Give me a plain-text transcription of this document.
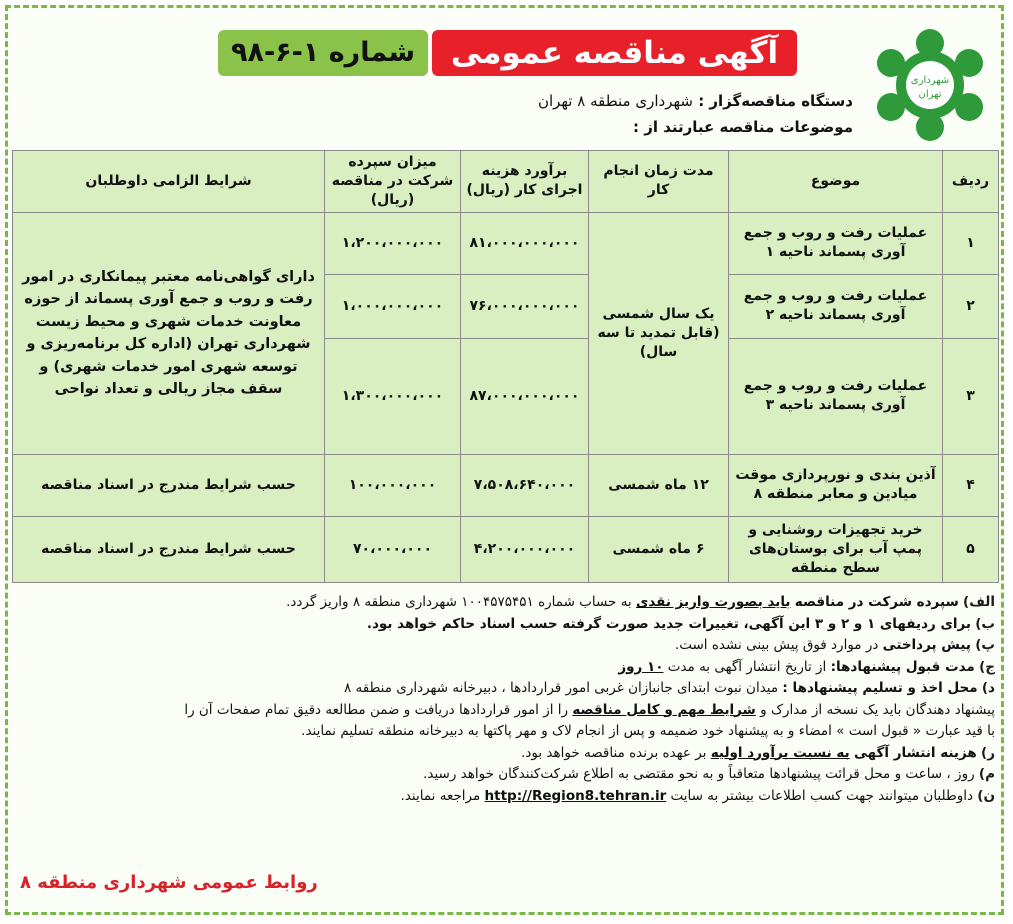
شهرداری
تهران
آگهی مناقصه عمومی
شماره ۱-۶-۹۸
دستگاه مناقصه‌گزار : شهرداری منطقه ۸ تهران
موضوعات مناقصه عبارتند از :
ردیف	موضوع	مدت زمان انجام کار	برآورد هزینه اجرای کار (ریال)	میزان سپرده شرکت در مناقصه (ریال)	شرایط الزامی داوطلبان
۱	عملیات رفت و روب و جمع آوری پسماند ناحیه ۱	یک سال شمسی (قابل تمدید تا سه سال)	۸۱،۰۰۰،۰۰۰،۰۰۰	۱،۲۰۰،۰۰۰،۰۰۰	دارای گواهی‌نامه معتبر پیمانکاری در امور رفت و روب و جمع آوری پسماند از حوزه معاونت خدمات شهری و محیط زیست شهرداری تهران (اداره کل برنامه‌ریزی و توسعه شهری امور خدمات شهری) و سقف مجاز ریالی و تعداد نواحی
۲	عملیات رفت و روب و جمع آوری پسماند ناحیه ۲		۷۶،۰۰۰،۰۰۰،۰۰۰	۱،۰۰۰،۰۰۰،۰۰۰	
۳	عملیات رفت و روب و جمع آوری پسماند ناحیه ۳		۸۷،۰۰۰،۰۰۰،۰۰۰	۱،۳۰۰،۰۰۰،۰۰۰	
۴	آذین بندی و نورپردازی موقت میادین و معابر منطقه ۸	۱۲ ماه شمسی	۷،۵۰۸،۶۴۰،۰۰۰	۱۰۰،۰۰۰،۰۰۰	حسب شرایط مندرج در اسناد مناقصه
۵	خرید تجهیزات روشنایی و پمپ آب برای بوستان‌های سطح منطقه	۶ ماه شمسی	۴،۲۰۰،۰۰۰،۰۰۰	۷۰،۰۰۰،۰۰۰	حسب شرایط مندرج در اسناد مناقصه
الف) سپرده شرکت در مناقصه باید بصورت واریز نقدی به حساب شماره ۱۰۰۴۵۷۵۴۵۱ شهرداری منطقه ۸ واریز گردد.
ب) برای ردیفهای ۱ و ۲ و ۳ این آگهی، تغییرات جدید صورت گرفته حسب اسناد حاکم خواهد بود.
پ) پیش پرداختی در موارد فوق پیش بینی نشده است.
ج) مدت قبول پیشنهادها: از تاریخ انتشار آگهی به مدت ۱۰ روز
د) محل اخذ و تسلیم پیشنهادها : میدان نبوت ابتدای جانبازان غربی امور قراردادها ، دبیرخانه شهرداری منطقه ۸
پیشنهاد دهندگان باید یک نسخه از مدارک و شرایط مهم و کامل مناقصه را از امور قراردادها دریافت و ضمن مطالعه دقیق تمام صفحات آن را
با قید عبارت « قبول است » امضاء و به پیشنهاد خود ضمیمه و پس از انجام لاک و مهر پاکتها به دبیرخانه منطقه تسلیم نمایند.
ر) هزینه انتشار آگهی به نسبت برآورد اولیه بر عهده برنده مناقصه خواهد بود.
م) روز ، ساعت و محل قرائت پیشنهادها متعاقباً و به نحو مقتضی به اطلاع شرکت‌کنندگان خواهد رسید.
ن) داوطلبان میتوانند جهت کسب اطلاعات بیشتر به سایت http://Region8.tehran.ir مراجعه نمایند.
روابط عمومی شهرداری منطقه ۸
